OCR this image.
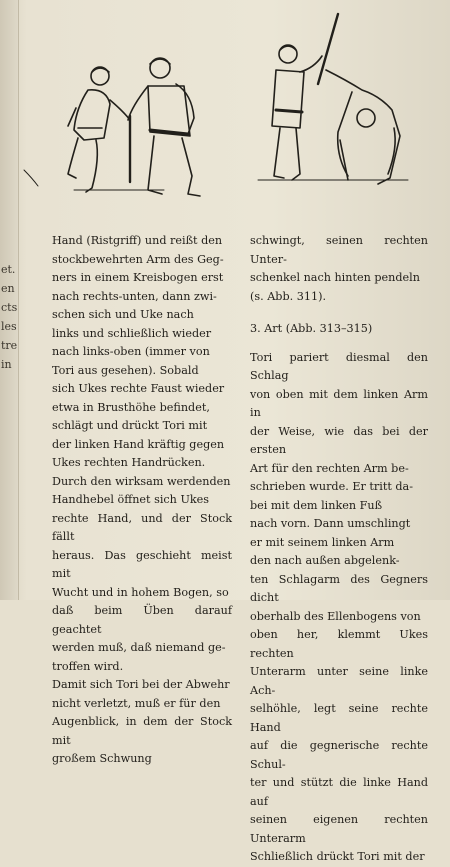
et.
en
cts
les
tre
in

Hand (Ristgriff) und reißt den

stockbewehrten Arm des Geg-

ners in einem Kreisbogen erst

nach rechts-unten, dann zwi-

schen sich und Uke nach

links und schließlich wieder

nach links-oben (immer von

Tori aus gesehen). Sobald

sich Ukes rechte Faust wieder

etwa in Brusthöhe befindet,

schlägt und drückt Tori mit

der linken Hand kräftig gegen

Ukes rechten Handrücken.

Durch den wirksam werdenden

Handhebel öffnet sich Ukes

rechte Hand, und der Stock fällt

heraus. Das geschieht meist mit

Wucht und in hohem Bogen, so

daß beim Üben darauf geachtet

werden muß, daß niemand ge-

troffen wird.

Damit sich Tori bei der Abwehr

nicht verletzt, muß er für den

Augenblick, in dem der Stock mit

großem Schwung

schwingt, seinen rechten Unter-

schenkel nach hinten pendeln

(s. Abb. 311).

3. Art (Abb. 313–315)

Tori pariert diesmal den Schlag

von oben mit dem linken Arm in

der Weise, wie das bei der ersten

Art für den rechten Arm be-

schrieben wurde. Er tritt da-

bei mit dem linken Fuß

nach vorn. Dann umschlingt

er mit seinem linken Arm

den nach außen abgelenk-

ten Schlagarm des Gegners dicht

oberhalb des Ellenbogens von

oben her, klemmt Ukes rechten

Unterarm unter seine linke Ach-

selhöhle, legt seine rechte Hand

auf die gegnerische rechte Schul-

ter und stützt die linke Hand auf

seinen eigenen rechten Unterarm

Schließlich drückt Tori mit der
